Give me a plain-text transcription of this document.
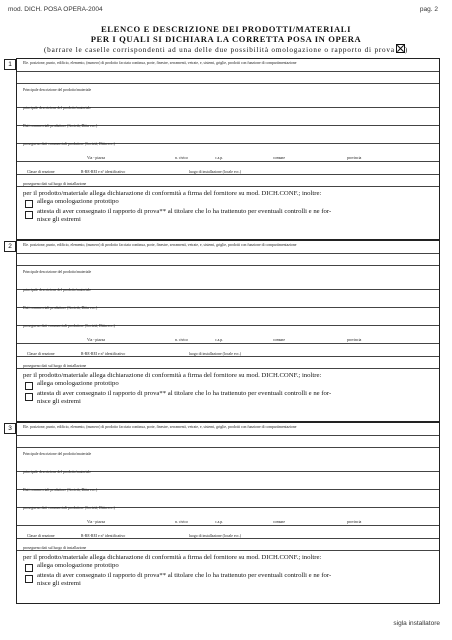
mod. DICH. POSA OPERA-2004	pag. 2
ELENCO E DESCRIZIONE DEI PRODOTTI/MATERIALI
PER I QUALI SI DICHIARA LA CORRETTA POSA IN OPERA
(barrare le caselle corrispondenti ad una delle due possibilità omologazione o rapporto di prova )
1	Ele. posizione, punto, edificio, elemento, (numero) di prodotto facciata continua, porte, finestre, serramenti, vetrate, e, sistemi, griglie, prodotti con funzione di compartimentazione
Principale descrizione del prodotto/materiale
principale descrizione del prodotto/materiale
Dati commerciali produttore (Società, Ditta ecc.)
prosegueno dati commerciali produttore (Società, Ditta ecc.)
Classe di reazione	R-RE-REI e n° identificativo	luogo di installazione (locale ecc.)
prosegueno dati sul luogo di installazione
Via - piazza	n. civico	c.a.p.	comune	provincia
per il prodotto/materiale allega dichiarazione di conformità a firma del fornitore su mod. DICH.CONF.; inoltre:
allega omologazione prototipo
attesta di aver consegnato il rapporto di prova** al titolare che lo ha trattenuto per eventuali controlli e ne for-
nisce gli estremi
2	Ele. posizione, punto, edificio, elemento, (numero) di prodotto facciata continua, porte, finestre, serramenti, vetrate, e, sistemi, griglie, prodotti con funzione di compartimentazione
Principale descrizione del prodotto/materiale
principale descrizione del prodotto/materiale
Dati commerciali produttore (Società, Ditta ecc.)
prosegueno dati commerciali produttore (Società, Ditta ecc.)
Classe di reazione	R-RE-REI e n° identificativo	luogo di installazione (locale ecc.)
prosegueno dati sul luogo di installazione
Via - piazza	n. civico	c.a.p.	comune	provincia
per il prodotto/materiale allega dichiarazione di conformità a firma del fornitore su mod. DICH.CONF.; inoltre:
allega omologazione prototipo
attesta di aver consegnato il rapporto di prova** al titolare che lo ha trattenuto per eventuali controlli e ne for-
nisce gli estremi
3	Ele. posizione, punto, edificio, elemento, (numero) di prodotto facciata continua, porte, finestre, serramenti, vetrate, e, sistemi, griglie, prodotti con funzione di compartimentazione
Principale descrizione del prodotto/materiale
principale descrizione del prodotto/materiale
Dati commerciali produttore (Società, Ditta ecc.)
prosegueno dati commerciali produttore (Società, Ditta ecc.)
Classe di reazione	R-RE-REI e n° identificativo	luogo di installazione (locale ecc.)
prosegueno dati sul luogo di installazione
Via - piazza	n. civico	c.a.p.	comune	provincia
per il prodotto/materiale allega dichiarazione di conformità a firma del fornitore su mod. DICH.CONF.; inoltre:
allega omologazione prototipo
attesta di aver consegnato il rapporto di prova** al titolare che lo ha trattenuto per eventuali controlli e ne for-
nisce gli estremi
sigla installatore
